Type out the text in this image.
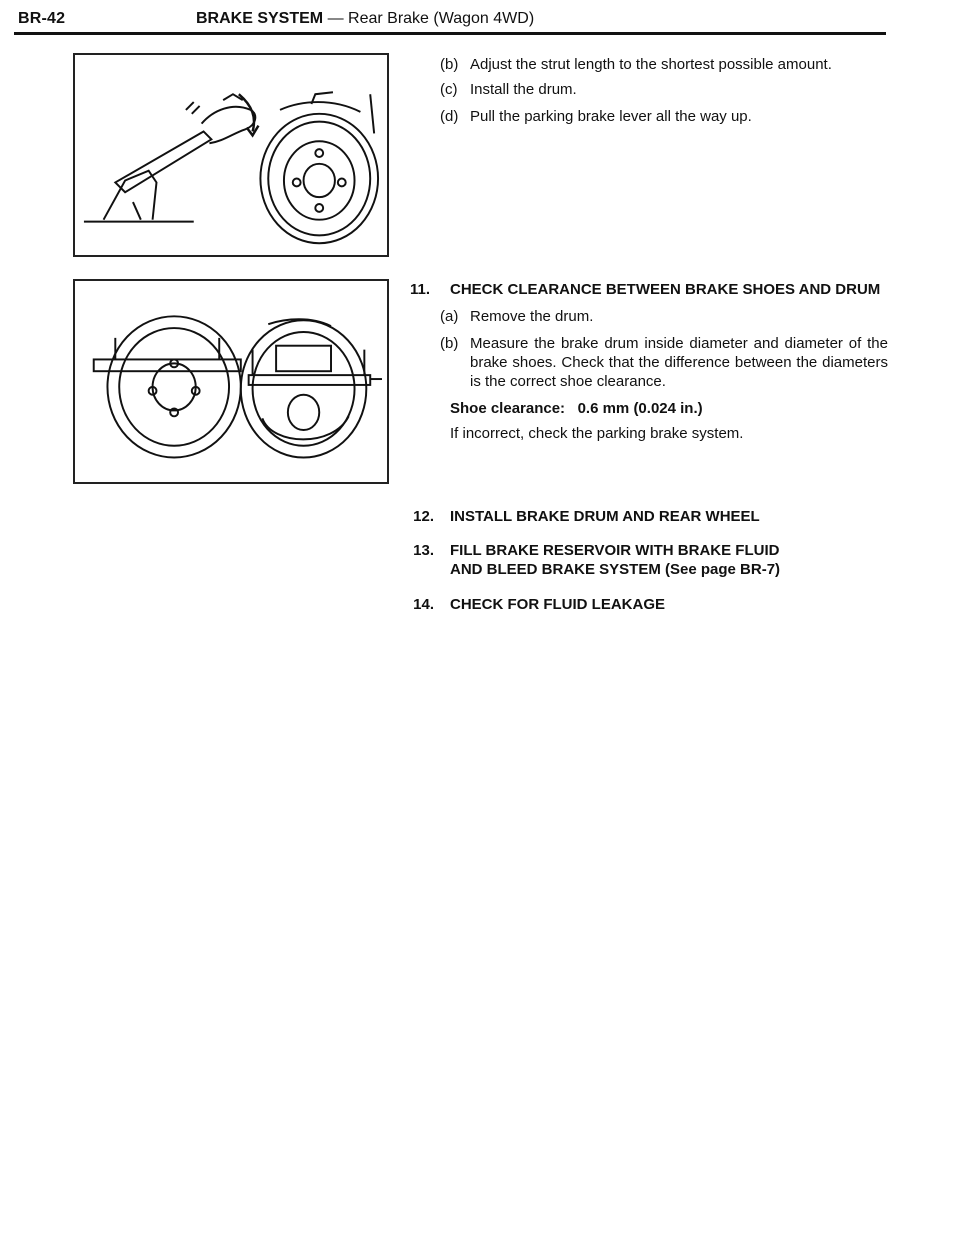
BR-42	BRAKE SYSTEM — Rear Brake (Wagon 4WD)
(b) Adjust the strut length to the shortest possible amount.
(c) Install the drum.
(d) Pull the parking brake lever all the way up.
11. CHECK CLEARANCE BETWEEN BRAKE SHOES AND DRUM
(a) Remove the drum.
(b) Measure the brake drum inside diameter and diameter of the brake shoes. Check that the difference between the diameters is the correct shoe clearance.
Shoe clearance: 0.6 mm (0.024 in.)
If incorrect, check the parking brake system.
12. INSTALL BRAKE DRUM AND REAR WHEEL
13. FILL BRAKE RESERVOIR WITH BRAKE FLUID
AND BLEED BRAKE SYSTEM (See page BR-7)
14. CHECK FOR FLUID LEAKAGE
